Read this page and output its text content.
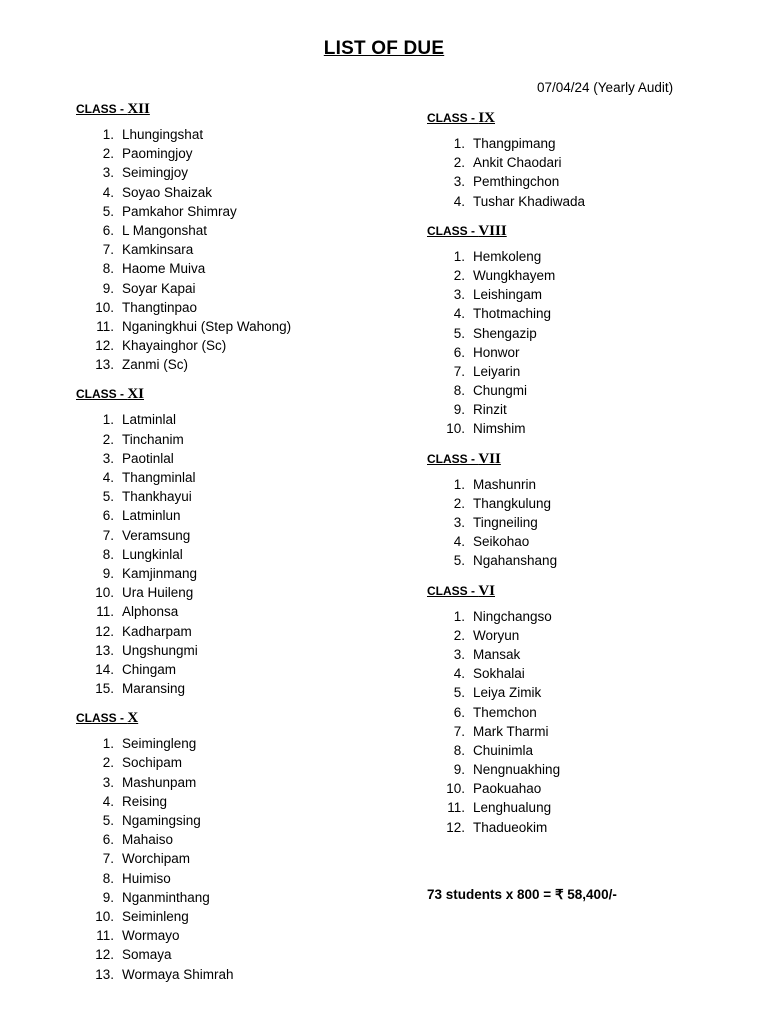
LIST OF DUE
07/04/24 (Yearly Audit)
CLASS - XII
1. Lhungingshat
2. Paomingjoy
3. Seimingjoy
4. Soyao Shaizak
5. Pamkahor Shimray
6. L Mangonshat
7. Kamkinsara
8. Haome Muiva
9. Soyar Kapai
10. Thangtinpao
11. Nganingkhui (Step Wahong)
12. Khayainghor (Sc)
13. Zanmi (Sc)
CLASS - XI
1. Latminlal
2. Tinchanim
3. Paotinlal
4. Thangminlal
5. Thankhayui
6. Latminlun
7. Veramsung
8. Lungkinlal
9. Kamjinmang
10. Ura Huileng
11. Alphonsa
12. Kadharpam
13. Ungshungmi
14. Chingam
15. Maransing
CLASS - X
1. Seimingleng
2. Sochipam
3. Mashunpam
4. Reising
5. Ngamingsing
6. Mahaiso
7. Worchipam
8. Huimiso
9. Nganminthang
10. Seiminleng
11. Wormayo
12. Somaya
13. Wormaya Shimrah
CLASS - IX
1. Thangpimang
2. Ankit Chaodari
3. Pemthingchon
4. Tushar Khadiwada
CLASS - VIII
1. Hemkoleng
2. Wungkhayem
3. Leishingam
4. Thotmaching
5. Shengazip
6. Honwor
7. Leiyarin
8. Chungmi
9. Rinzit
10. Nimshim
CLASS - VII
1. Mashunrin
2. Thangkulung
3. Tingneiling
4. Seikohao
5. Ngahanshang
CLASS - VI
1. Ningchangso
2. Woryun
3. Mansak
4. Sokhalai
5. Leiya Zimik
6. Themchon
7. Mark Tharmi
8. Chuinimla
9. Nengnuakhing
10. Paokuahao
11. Lenghualung
12. Thadueokim
73 students x 800 = ₹ 58,400/-
